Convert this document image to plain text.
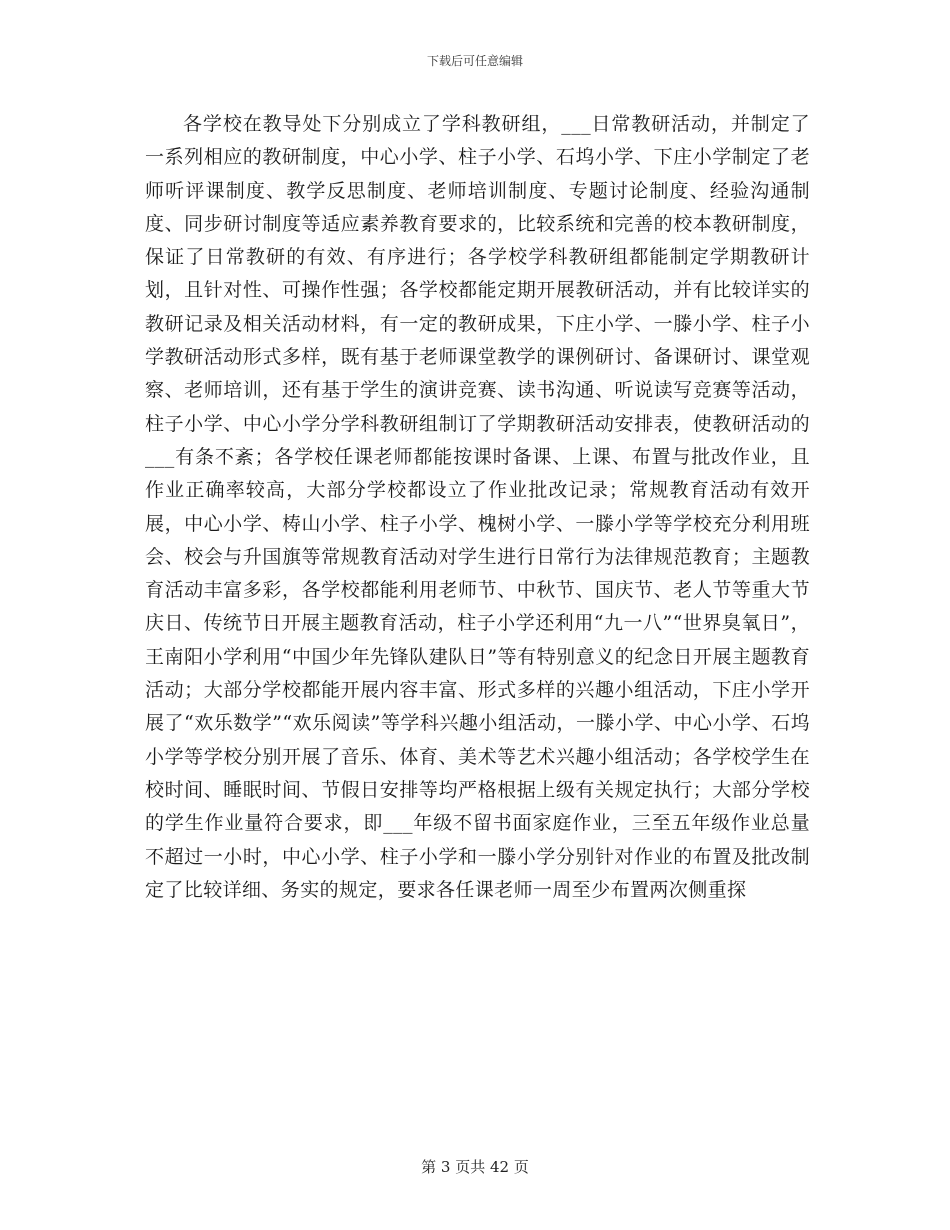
下载后可任意编辑

各学校在教导处下分别成立了学科教研组，___日常教研活动，并制定了一系列相应的教研制度，中心小学、柱子小学、石坞小学、下庄小学制定了老师听评课制度、教学反思制度、老师培训制度、专题讨论制度、经验沟通制度、同步研讨制度等适应素养教育要求的，比较系统和完善的校本教研制度，保证了日常教研的有效、有序进行；各学校学科教研组都能制定学期教研计划，且针对性、可操作性强；各学校都能定期开展教研活动，并有比较详实的教研记录及相关活动材料，有一定的教研成果，下庄小学、一滕小学、柱子小学教研活动形式多样，既有基于老师课堂教学的课例研讨、备课研讨、课堂观察、老师培训，还有基于学生的演讲竞赛、读书沟通、听说读写竞赛等活动，柱子小学、中心小学分学科教研组制订了学期教研活动安排表，使教研活动的___有条不紊；各学校任课老师都能按课时备课、上课、布置与批改作业，且作业正确率较高，大部分学校都设立了作业批改记录；常规教育活动有效开展，中心小学、梼山小学、柱子小学、槐树小学、一滕小学等学校充分利用班会、校会与升国旗等常规教育活动对学生进行日常行为法律规范教育；主题教育活动丰富多彩，各学校都能利用老师节、中秋节、国庆节、老人节等重大节庆日、传统节日开展主题教育活动，柱子小学还利用“九一八”“世界臭氧日”，王南阳小学利用“中国少年先锋队建队日”等有特别意义的纪念日开展主题教育活动；大部分学校都能开展内容丰富、形式多样的兴趣小组活动，下庄小学开展了“欢乐数学”“欢乐阅读”等学科兴趣小组活动，一滕小学、中心小学、石坞小学等学校分别开展了音乐、体育、美术等艺术兴趣小组活动；各学校学生在校时间、睡眠时间、节假日安排等均严格根据上级有关规定执行；大部分学校的学生作业量符合要求，即___年级不留书面家庭作业，三至五年级作业总量不超过一小时，中心小学、柱子小学和一滕小学分别针对作业的布置及批改制定了比较详细、务实的规定，要求各任课老师一周至少布置两次侧重探

第 3 页共 42 页
